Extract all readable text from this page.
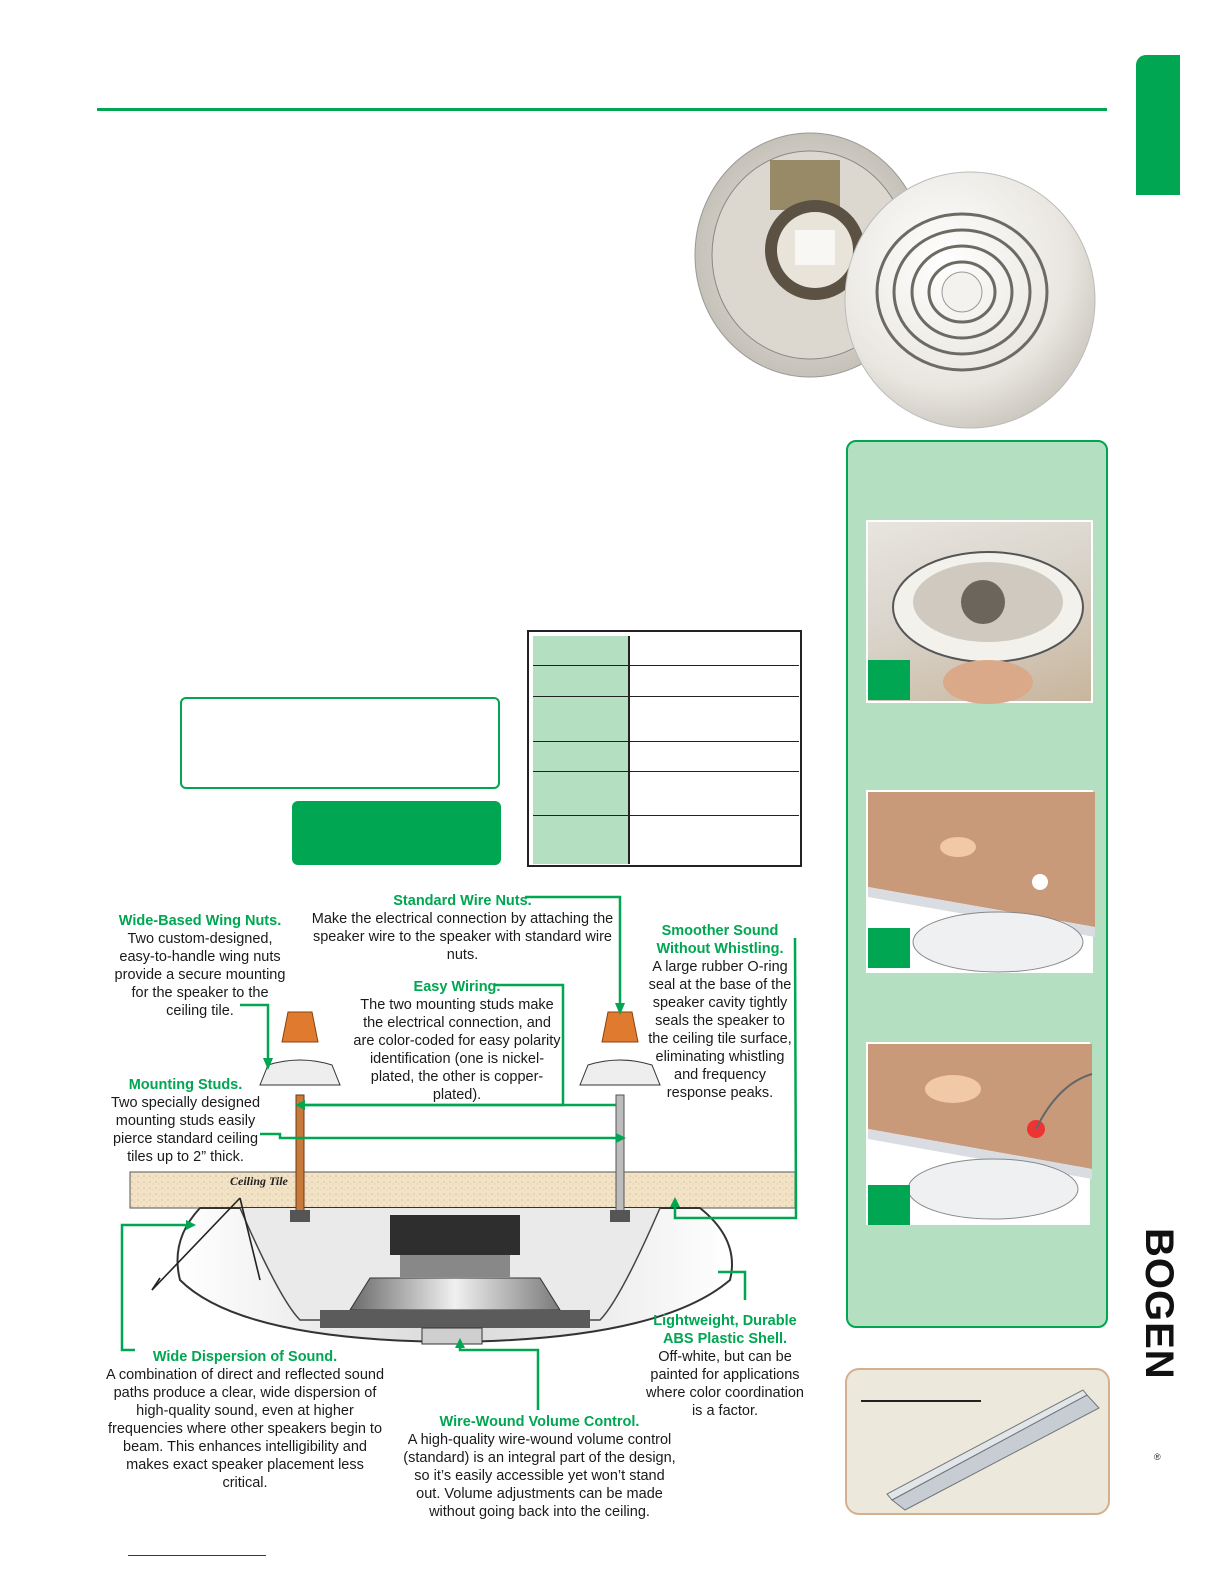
Ceiling Tile
Wide-Based Wing Nuts.
Two custom-designed, easy-to-handle wing nuts provide a secure mounting for the speaker to the ceiling tile.
Standard Wire Nuts.
Make the electrical connection by attaching the speaker wire to the speaker with standard wire nuts.
Smoother Sound Without Whistling.
A large rubber O-ring seal at the base of the speaker cavity tightly seals the speaker to the ceiling tile surface, eliminating whistling and frequency response peaks.
Easy Wiring.
The two mounting studs make the electrical connection, and are color-coded for easy polarity identification (one is nickel-plated, the other is copper-plated).
Mounting Studs.
Two specially designed mounting studs easily pierce standard ceiling tiles up to 2” thick.
Wide Dispersion of Sound.
A combination of direct and reflected sound paths produce a clear, wide dispersion of high-quality sound, even at higher frequencies where other speakers begin to beam. This enhances intelligibility and makes exact speaker placement less critical.
Lightweight, Durable ABS Plastic Shell.
Off-white, but can be painted for applications where color coordination is a factor.
Wire-Wound Volume Control.
A high-quality wire-wound volume control (standard) is an integral part of the design, so it’s easily accessible yet won’t stand out. Volume adjustments can be made without going back into the ceiling.
BOGEN
®
